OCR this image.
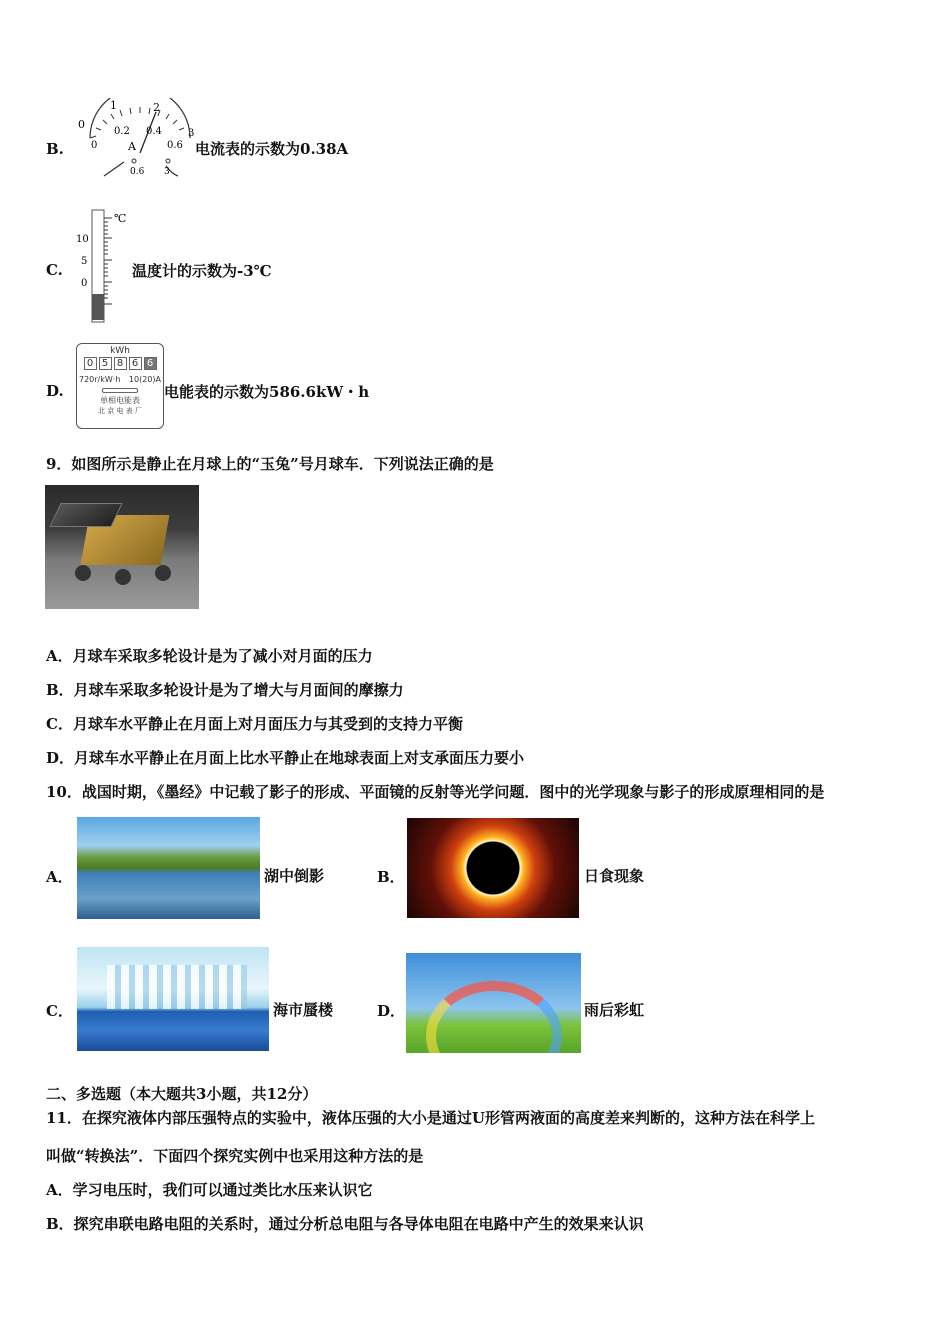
B.
0
1	2
3
0
0.2 0.4
0.6
A
0.6 3
电流表的示数为0.38A
C.
℃
10
5
0
温度计的示数为-3℃
D.
kWh
0 5 8 6 6
720r/kW·h 10(20)A
单相电能表
北 京 电 表 厂
电能表的示数为586.6kW・h
9．如图所示是静止在月球上的“玉兔”号月球车．下列说法正确的是
A．月球车采取多轮设计是为了减小对月面的压力
B．月球车采取多轮设计是为了增大与月面间的摩擦力
C．月球车水平静止在月面上对月面压力与其受到的支持力平衡
D．月球车水平静止在月面上比水平静止在地球表面上对支承面压力要小
10．战国时期，《墨经》中记载了影子的形成、平面镜的反射等光学问题．图中的光学现象与影子的形成原理相同的是
A．	湖中倒影	B．	日食现象
C．	海市蜃楼	D．	雨后彩虹
二、多选题（本大题共3小题，共12分）
11．在探究液体内部压强特点的实验中，液体压强的大小是通过U形管两液面的高度差来判断的，这种方法在科学上
叫做“转换法”．下面四个探究实例中也采用这种方法的是
A．学习电压时，我们可以通过类比水压来认识它
B．探究串联电路电阻的关系时，通过分析总电阻与各导体电阻在电路中产生的效果来认识
